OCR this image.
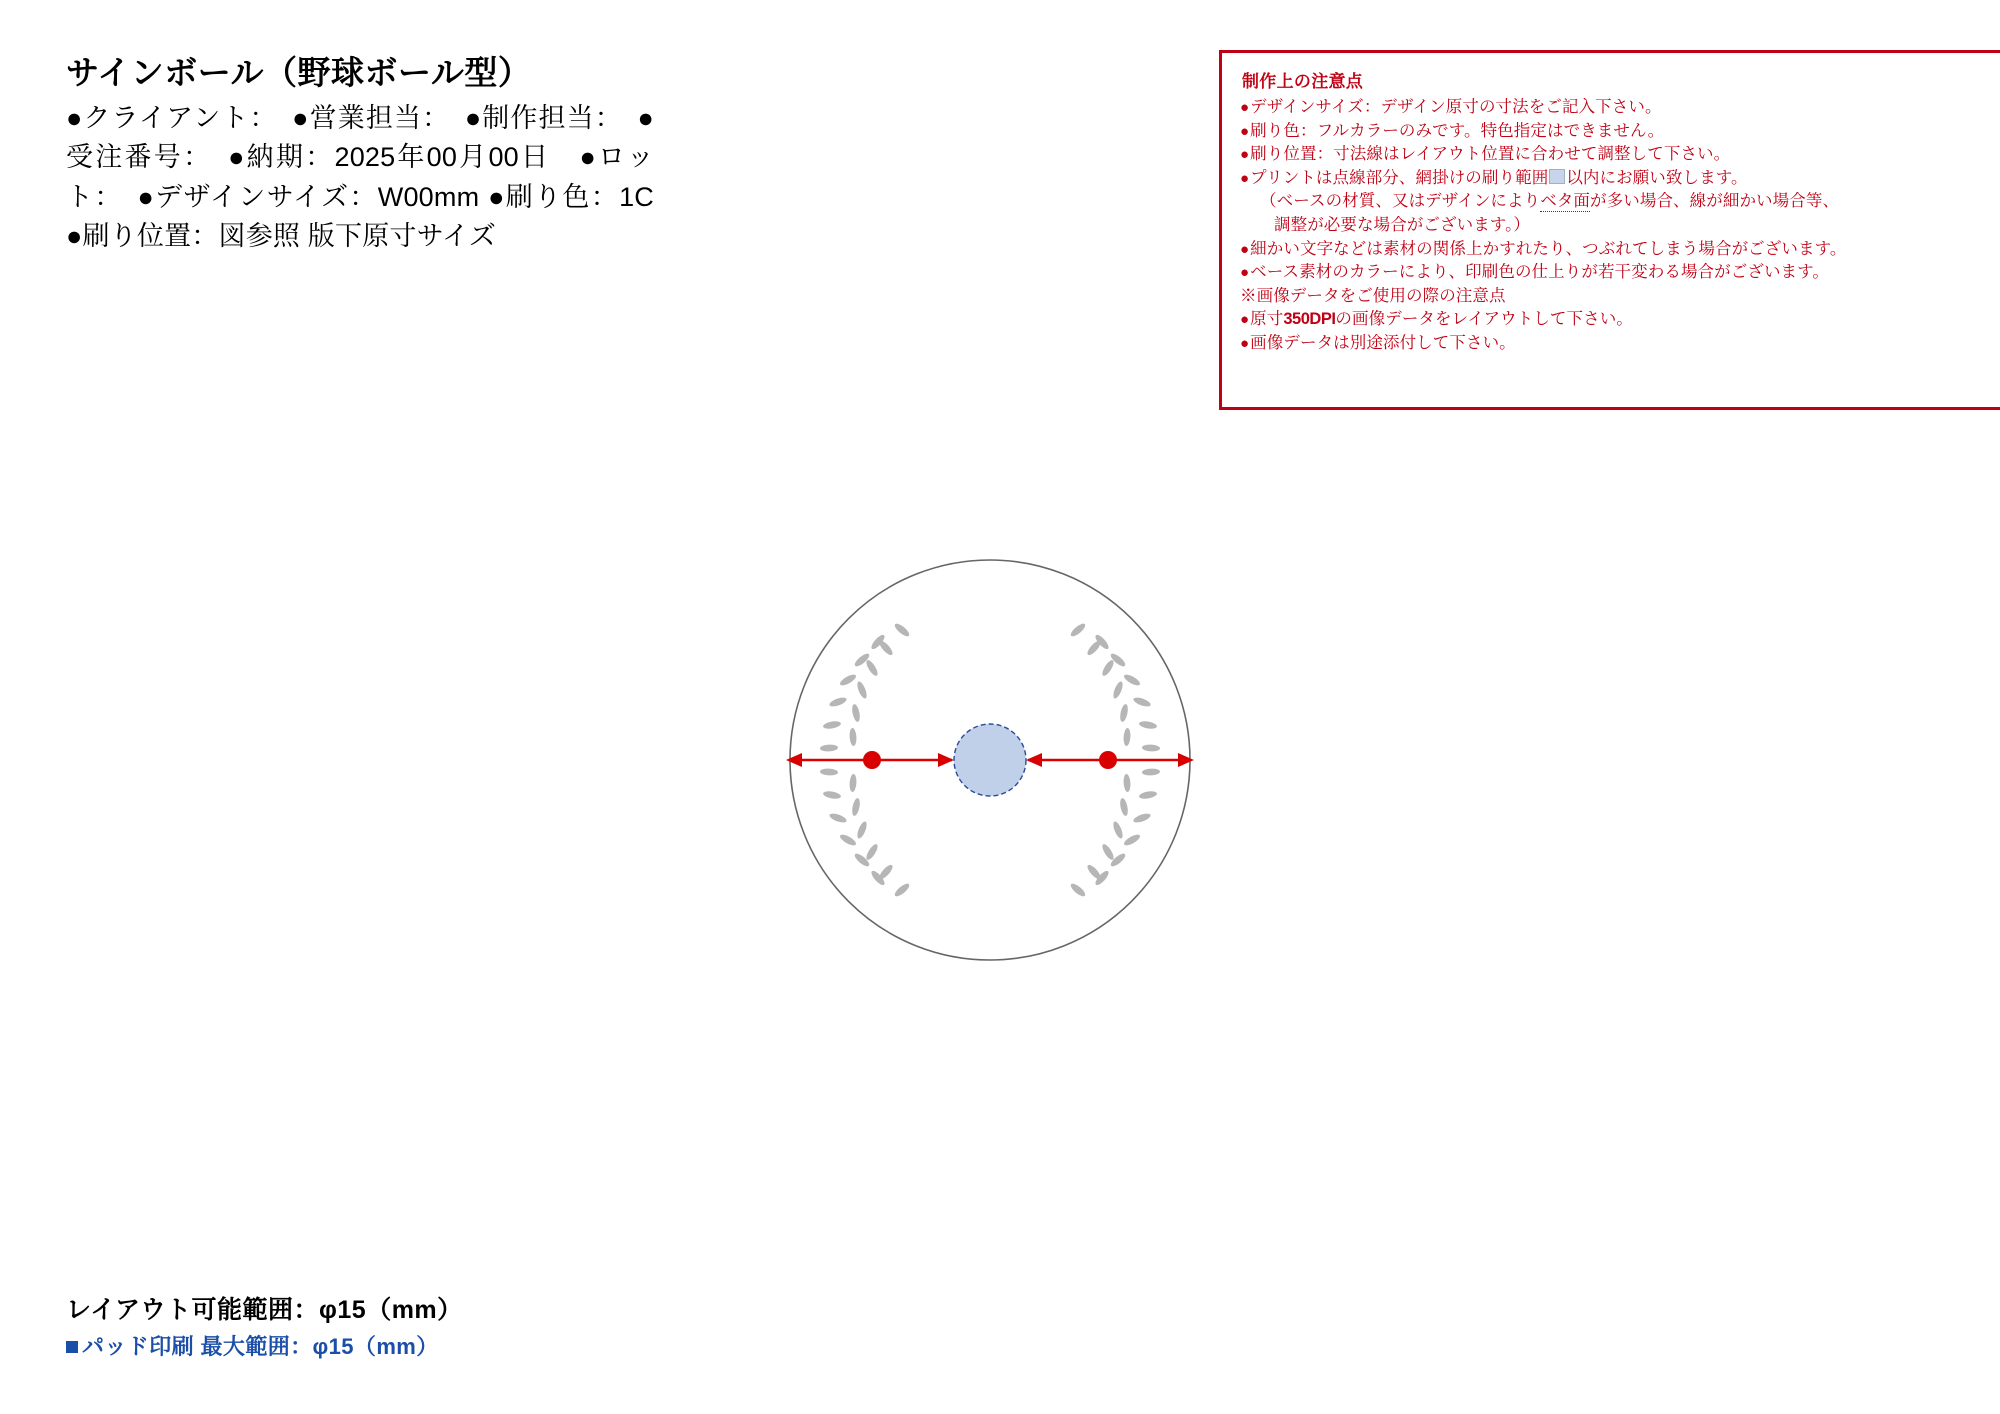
サインボール（野球ボール型）

●クライアント：　●営業担当：　●制作担当：　●受注番号：　●納期：2025年00月00日　●ロット：　●デザインサイズ：W00mm ●刷り色：1C ●刷り位置：図参照 版下原寸サイズ

制作上の注意点
● デザインサイズ：デザイン原寸の寸法をご記入下さい。
● 刷り色：フルカラーのみです。特色指定はできません。
● 刷り位置：寸法線はレイアウト位置に合わせて調整して下さい。
● プリントは点線部分、網掛けの刷り範囲 以内にお願い致します。
（ベースの材質、又はデザインによりベタ面が多い場合、線が細かい場合等、
調整が必要な場合がございます。）
● 細かい文字などは素材の関係上かすれたり、つぶれてしまう場合がございます。
● ベース素材のカラーにより、印刷色の仕上りが若干変わる場合がございます。
※画像データをご使用の際の注意点
● 原寸350DPIの画像データをレイアウトして下さい。
● 画像データは別途添付して下さい。

レイアウト可能範囲：φ15（mm）

パッド印刷 最大範囲：φ15（mm）
